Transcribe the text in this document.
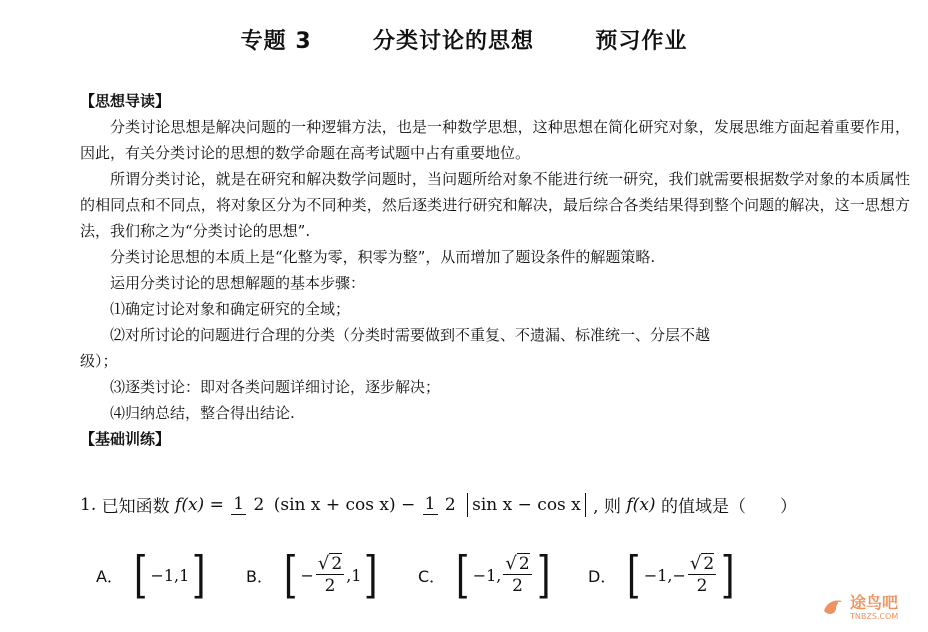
专题 3	分类讨论的思想	预习作业
【思想导读】

分类讨论思想是解决问题的一种逻辑方法，也是一种数学思想，这种思想在简化研究对象，发展思维方面起着重要作用，因此，有关分类讨论的思想的数学命题在高考试题中占有重要地位。

所谓分类讨论，就是在研究和解决数学问题时，当问题所给对象不能进行统一研究，我们就需要根据数学对象的本质属性的相同点和不同点，将对象区分为不同种类，然后逐类进行研究和解决，最后综合各类结果得到整个问题的解决，这一思想方法，我们称之为“分类讨论的思想”.

分类讨论思想的本质上是“化整为零，积零为整”，从而增加了题设条件的解题策略.

运用分类讨论的思想解题的基本步骤：

⑴确定讨论对象和确定研究的全域；

⑵对所讨论的问题进行合理的分类（分类时需要做到不重复、不遗漏、标准统一、分层不越

级）；

⑶逐类讨论：即对各类问题详细讨论，逐步解决；

⑷归纳总结，整合得出结论.

【基础训练】
1. 已知函数 f(x) = 1 2 (sin x + cos x) − 1 2 sin x − cos x , 则 f(x) 的值域是（　　）
A． [ −1,1 ]	B． [ − $\frac{√ 2}{2} ,1$ ] C． [ −1, $\frac{√ 2}{2}$ ] D． [ $-1,- \frac{√ 2}{2}$ ]	途鸟吧
TNBZS.COM
